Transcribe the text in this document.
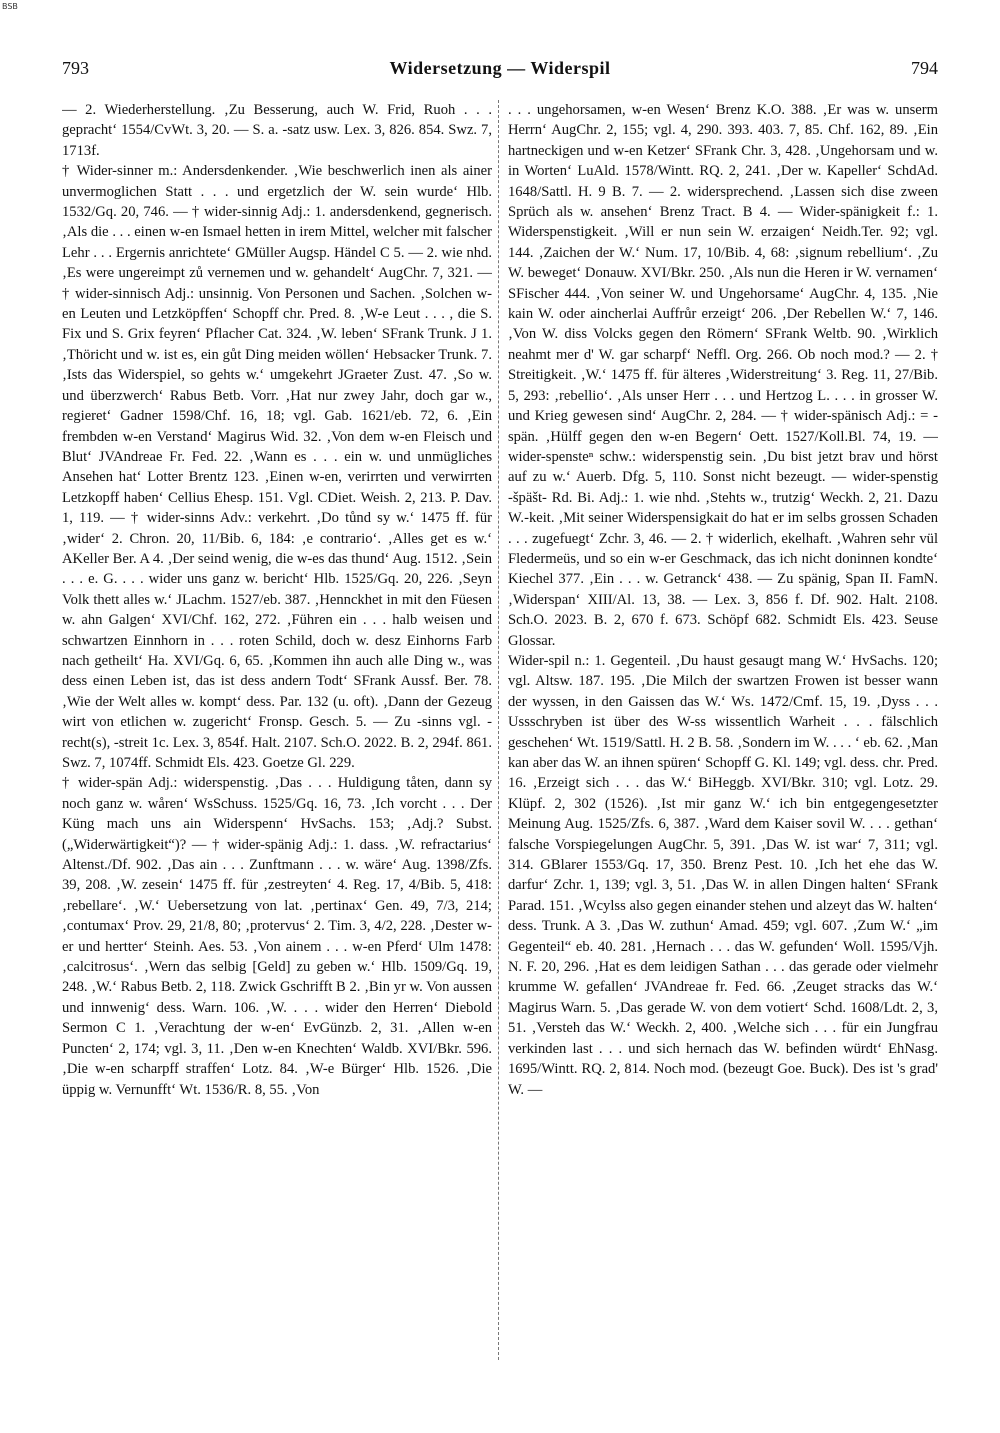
BSB
793	Widersetzung — Widerspil	794

— 2. Wiederherstellung. ‚Zu Besserung, auch W. Frid, Ruoh . . . geprachtʻ 1554/CvWt. 3, 20. — S. a. -satz usw. Lex. 3, 826. 854. Swz. 7, 1713f.

† Wider-sinner m.: Andersdenkender. ‚Wie beschwerlich inen als ainer unvermoglichen Statt . . . und ergetzlich der W. sein wurdeʻ Hlb. 1532/Gq. 20, 746. — † wider-sinnig Adj.: 1. andersdenkend, gegnerisch. ‚Als die . . . einen w-en Ismael hetten in irem Mittel, welcher mit falscher Lehr . . . Ergernis anrichteteʻ GMüller Augsp. Händel C 5. — 2. wie nhd. ‚Es were ungereimpt zů vernemen und w. gehandeltʻ AugChr. 7, 321. — † wider-sinnisch Adj.: unsinnig. Von Personen und Sachen. ‚Solchen w-en Leuten und Letzköpffenʻ Schopff chr. Pred. 8. ‚W-e Leut . . . , die S. Fix und S. Grix feyrenʻ Pflacher Cat. 324. ‚W. lebenʻ SFrank Trunk. J 1. ‚Thöricht und w. ist es, ein gůt Ding meiden wöllenʻ Hebsacker Trunk. 7. ‚Ists das Widerspiel, so gehts w.ʻ umgekehrt JGraeter Zust. 47. ‚So w. und überzwerchʻ Rabus Betb. Vorr. ‚Hat nur zwey Jahr, doch gar w., regieretʻ Gadner 1598/Chf. 16, 18; vgl. Gab. 1621/eb. 72, 6. ‚Ein frembden w-en Verstandʻ Magirus Wid. 32. ‚Von dem w-en Fleisch und Blutʻ JVAndreae Fr. Fed. 22. ‚Wann es . . . ein w. und unmügliches Ansehen hatʻ Lotter Brentz 123. ‚Einen w-en, verirrten und verwirrten Letzkopff habenʻ Cellius Ehesp. 151. Vgl. CDiet. Weish. 2, 213. P. Dav. 1, 119. — † wider-sinns Adv.: verkehrt. ‚Do tůnd sy w.ʻ 1475 ff. für ‚widerʻ 2. Chron. 20, 11/Bib. 6, 184: ‚e contrarioʻ. ‚Alles get es w.ʻ AKeller Ber. A 4. ‚Der seind wenig, die w-es das thundʻ Aug. 1512. ‚Sein . . . e. G. . . . wider uns ganz w. berichtʻ Hlb. 1525/Gq. 20, 226. ‚Seyn Volk thett alles w.ʻ JLachm. 1527/eb. 387. ‚Hennckhet in mit den Füesen w. ahn Galgenʻ XVI/Chf. 162, 272. ‚Führen ein . . . halb weisen und schwartzen Einnhorn in . . . roten Schild, doch w. desz Einhorns Farb nach getheiltʻ Ha. XVI/Gq. 6, 65. ‚Kommen ihn auch alle Ding w., was dess einen Leben ist, das ist dess andern Todtʻ SFrank Aussf. Ber. 78. ‚Wie der Welt alles w. komptʻ dess. Par. 132 (u. oft). ‚Dann der Gezeug wirt von etlichen w. zugerichtʻ Fronsp. Gesch. 5. — Zu -sinns vgl. -recht(s), -streit 1c. Lex. 3, 854f. Halt. 2107. Sch.O. 2022. B. 2, 294f. 861. Swz. 7, 1074ff. Schmidt Els. 423. Goetze Gl. 229.

† wider-spän Adj.: widerspenstig. ‚Das . . . Huldigung tåten, dann sy noch ganz w. wårenʻ WsSchuss. 1525/Gq. 16, 73. ‚Ich vorcht . . . Der Küng mach uns ain Widerspennʻ HvSachs. 153; ‚Adj.? Subst. („Widerwärtigkeit“)? — † wider-spänig Adj.: 1. dass. ‚W. refractariusʻ Altenst./Df. 902. ‚Das ain . . . Zunftmann . . . w. wäreʻ Aug. 1398/Zfs. 39, 208. ‚W. zeseinʻ 1475 ff. für ‚zestreytenʻ 4. Reg. 17, 4/Bib. 5, 418: ‚rebellareʻ. ‚W.ʻ Uebersetzung von lat. ‚pertinaxʻ Gen. 49, 7/3, 214; ‚contumaxʻ Prov. 29, 21/8, 80; ‚protervusʻ 2. Tim. 3, 4/2, 228. ‚Dester w-er und hertterʻ Steinh. Aes. 53. ‚Von ainem . . . w-en Pferdʻ Ulm 1478: ‚calcitrosusʻ. ‚Wern das selbig [Geld] zu geben w.ʻ Hlb. 1509/Gq. 19, 248. ‚W.ʻ Rabus Betb. 2, 118. Zwick Gschrifft B 2. ‚Bin yr w. Von aussen und innwenigʻ dess. Warn. 106. ‚W. . . . wider den Herrenʻ Diebold Sermon C 1. ‚Verachtung der w-enʻ EvGünzb. 2, 31. ‚Allen w-en Punctenʻ 2, 174; vgl. 3, 11. ‚Den w-en Knechtenʻ Waldb. XVI/Bkr. 596. ‚Die w-en scharpff straffenʻ Lotz. 84. ‚W-e Bürgerʻ Hlb. 1526. ‚Die üppig w. Vernunfftʻ Wt. 1536/R. 8, 55. ‚Von

. . . ungehorsamen, w-en Wesenʻ Brenz K.O. 388. ‚Er was w. unserm Herrnʻ AugChr. 2, 155; vgl. 4, 290. 393. 403. 7, 85. Chf. 162, 89. ‚Ein hartneckigen und w-en Ketzerʻ SFrank Chr. 3, 428. ‚Ungehorsam und w. in Wortenʻ LuAld. 1578/Wintt. RQ. 2, 241. ‚Der w. Kapellerʻ SchdAd. 1648/Sattl. H. 9 B. 7. — 2. widersprechend. ‚Lassen sich dise zween Sprüch als w. ansehenʻ Brenz Tract. B 4. — Wider-spänigkeit f.: 1. Widerspenstigkeit. ‚Will er nun sein W. erzaigenʻ Neidh.Ter. 92; vgl. 144. ‚Zaichen der W.ʻ Num. 17, 10/Bib. 4, 68: ‚signum rebelliumʻ. ‚Zu W. bewegetʻ Donauw. XVI/Bkr. 250. ‚Als nun die Heren ir W. vernamenʻ SFischer 444. ‚Von seiner W. und Ungehorsameʻ AugChr. 4, 135. ‚Nie kain W. oder aincherlai Auffrůr erzeigtʻ 206. ‚Der Rebellen W.ʻ 7, 146. ‚Von W. diss Volcks gegen den Römernʻ SFrank Weltb. 90. ‚Wirklich neahmt mer d' W. gar scharpfʻ Neffl. Org. 266. Ob noch mod.? — 2. † Streitigkeit. ‚W.ʻ 1475 ff. für älteres ‚Widerstreitungʻ 3. Reg. 11, 27/Bib. 5, 293: ‚rebellioʻ. ‚Als unser Herr . . . und Hertzog L. . . . in grosser W. und Krieg gewesen sindʻ AugChr. 2, 284. — † wider-spänisch Adj.: = -spän. ‚Hülff gegen den w-en Begernʻ Oett. 1527/Koll.Bl. 74, 19. — wider-spensteⁿ schw.: widerspenstig sein. ‚Du bist jetzt brav und hörst auf zu w.ʻ Auerb. Dfg. 5, 110. Sonst nicht bezeugt. — wider-spenstig -špäšt- Rd. Bi. Adj.: 1. wie nhd. ‚Stehts w., trutzigʻ Weckh. 2, 21. Dazu W.-keit. ‚Mit seiner Widerspensigkait do hat er im selbs grossen Schaden . . . zugefuegtʻ Zchr. 3, 46. — 2. † widerlich, ekelhaft. ‚Wahren sehr vül Fledermeüs, und so ein w-er Geschmack, das ich nicht doninnen kondteʻ Kiechel 377. ‚Ein . . . w. Getranckʻ 438. — Zu spänig, Span II. FamN. ‚Widerspanʻ XIII/Al. 13, 38. — Lex. 3, 856 f. Df. 902. Halt. 2108. Sch.O. 2023. B. 2, 670 f. 673. Schöpf 682. Schmidt Els. 423. Seuse Glossar.

Wider-spil n.: 1. Gegenteil. ‚Du haust gesaugt mang W.ʻ HvSachs. 120; vgl. Altsw. 187. 195. ‚Die Milch der swartzen Frowen ist besser wann der wyssen, in den Gaissen das W.ʻ Ws. 1472/Cmf. 15, 19. ‚Dyss . . . Ussschryben ist über des W-ss wissentlich Warheit . . . fälschlich geschehenʻ Wt. 1519/Sattl. H. 2 B. 58. ‚Sondern im W. . . . ʻ eb. 62. ‚Man kan aber das W. an ihnen spürenʻ Schopff G. Kl. 149; vgl. dess. chr. Pred. 16. ‚Erzeigt sich . . . das W.ʻ BiHeggb. XVI/Bkr. 310; vgl. Lotz. 29. Klüpf. 2, 302 (1526). ‚Ist mir ganz W.ʻ ich bin entgegengesetzter Meinung Aug. 1525/Zfs. 6, 387. ‚Ward dem Kaiser sovil W. . . . gethanʻ falsche Vorspiegelungen AugChr. 5, 391. ‚Das W. ist warʻ 7, 311; vgl. 314. GBlarer 1553/Gq. 17, 350. Brenz Pest. 10. ‚Ich het ehe das W. darfurʻ Zchr. 1, 139; vgl. 3, 51. ‚Das W. in allen Dingen haltenʻ SFrank Parad. 151. ‚Wcylss also gegen einander stehen und alzeyt das W. haltenʻ dess. Trunk. A 3. ‚Das W. zuthunʻ Amad. 459; vgl. 607. ‚Zum W.ʻ „im Gegenteil“ eb. 40. 281. ‚Hernach . . . das W. gefundenʻ Woll. 1595/Vjh. N. F. 20, 296. ‚Hat es dem leidigen Sathan . . . das gerade oder vielmehr krumme W. gefallenʻ JVAndreae fr. Fed. 66. ‚Zeuget stracks das W.ʻ Magirus Warn. 5. ‚Das gerade W. von dem votiertʻ Schd. 1608/Ldt. 2, 3, 51. ‚Versteh das W.ʻ Weckh. 2, 400. ‚Welche sich . . . für ein Jungfrau verkinden last . . . und sich hernach das W. befinden würdtʻ EhNasg. 1695/Wintt. RQ. 2, 814. Noch mod. (bezeugt Goe. Buck). Des ist 's grad' W. —
